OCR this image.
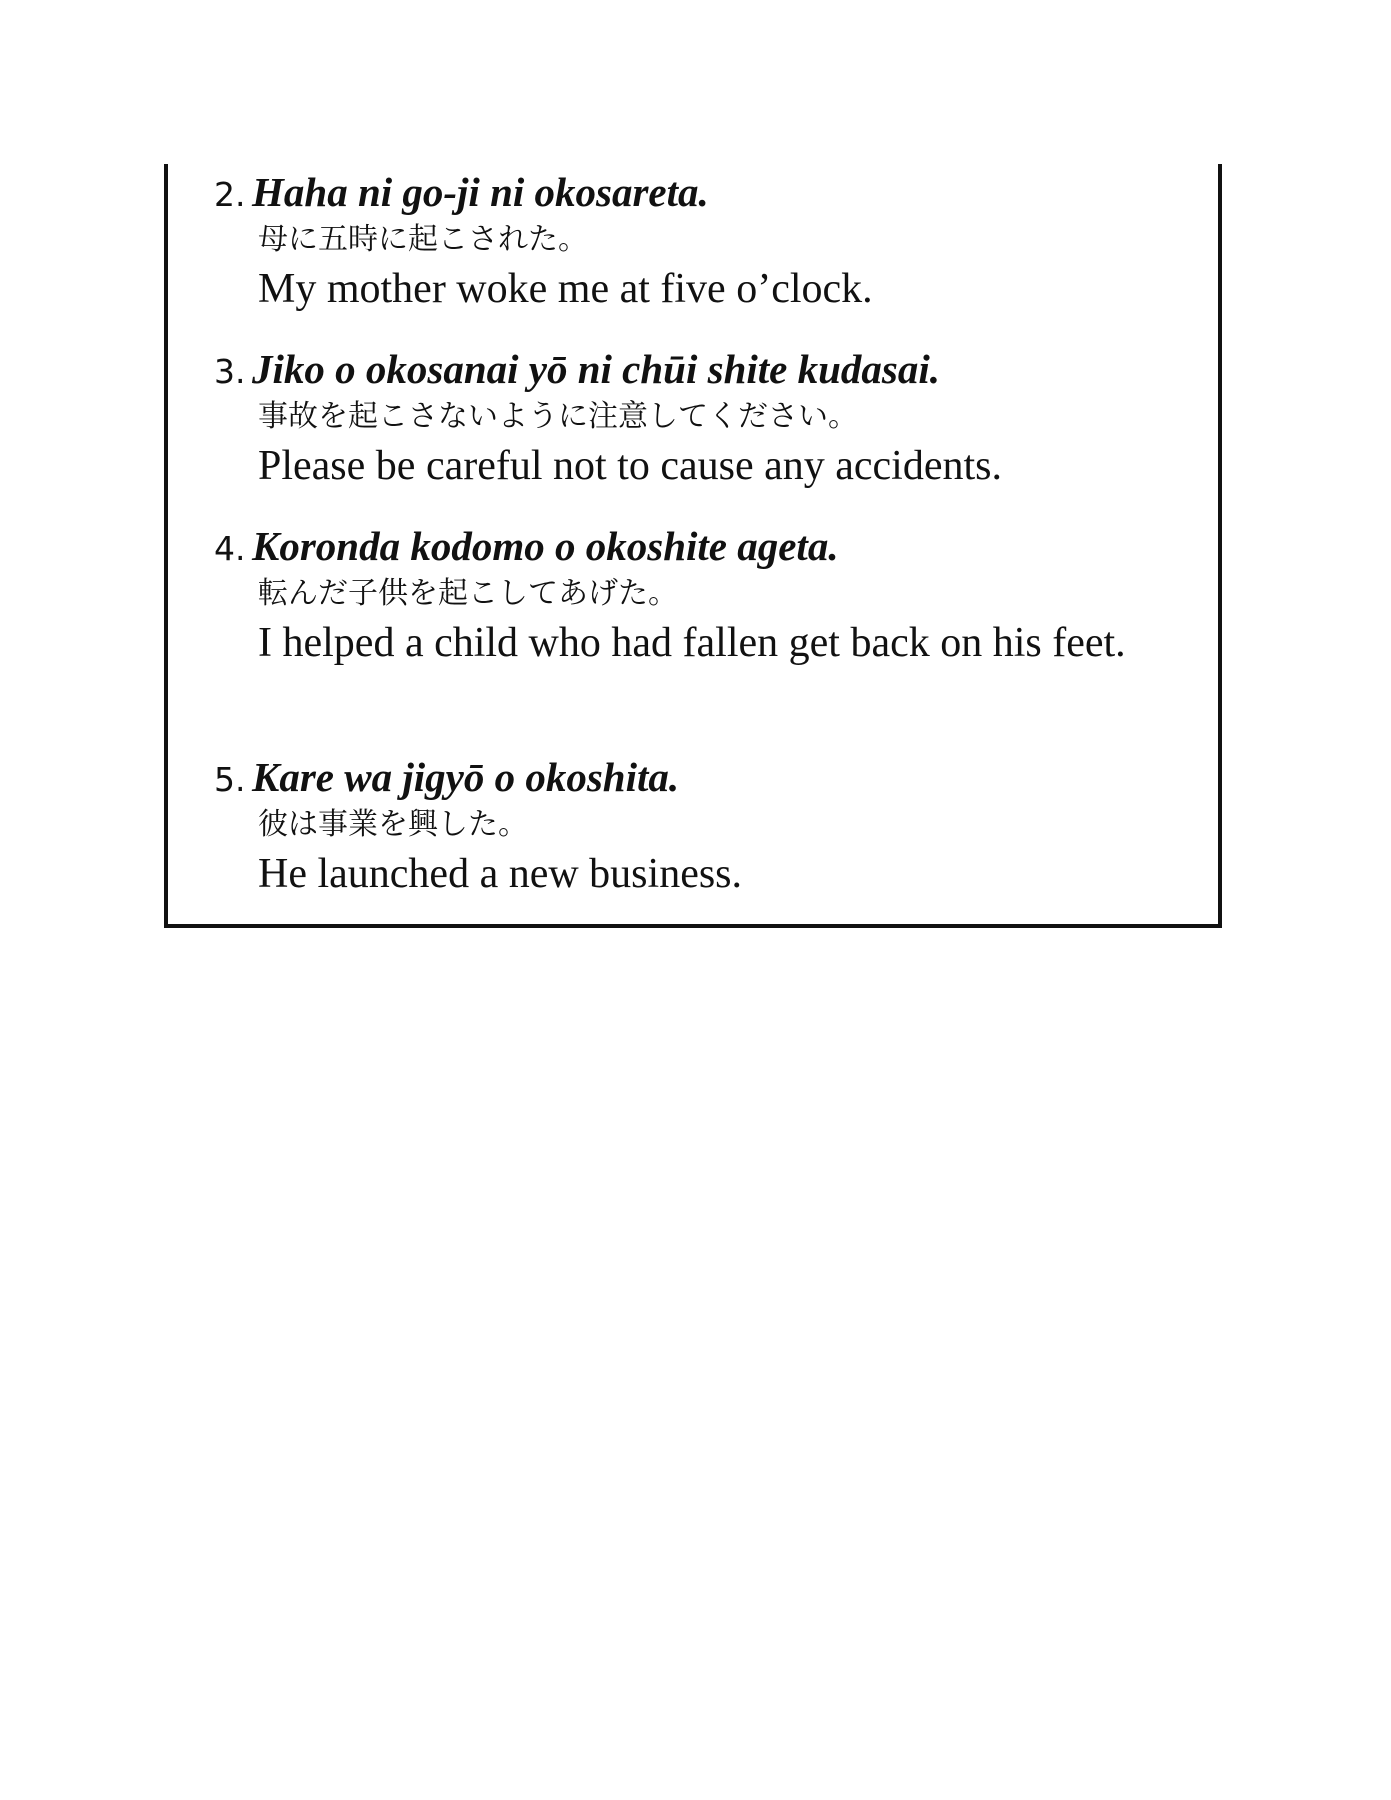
2. Haha ni go-ji ni okosareta.
母に五時に起こされた。
My mother woke me at five o’clock.
3. Jiko o okosanai yō ni chūi shite kudasai.
事故を起こさないように注意してください。
Please be careful not to cause any accidents.
4. Koronda kodomo o okoshite ageta.
転んだ子供を起こしてあげた。
I helped a child who had fallen get back on his feet.
5. Kare wa jigyō o okoshita.
彼は事業を興した。
He launched a new business.
